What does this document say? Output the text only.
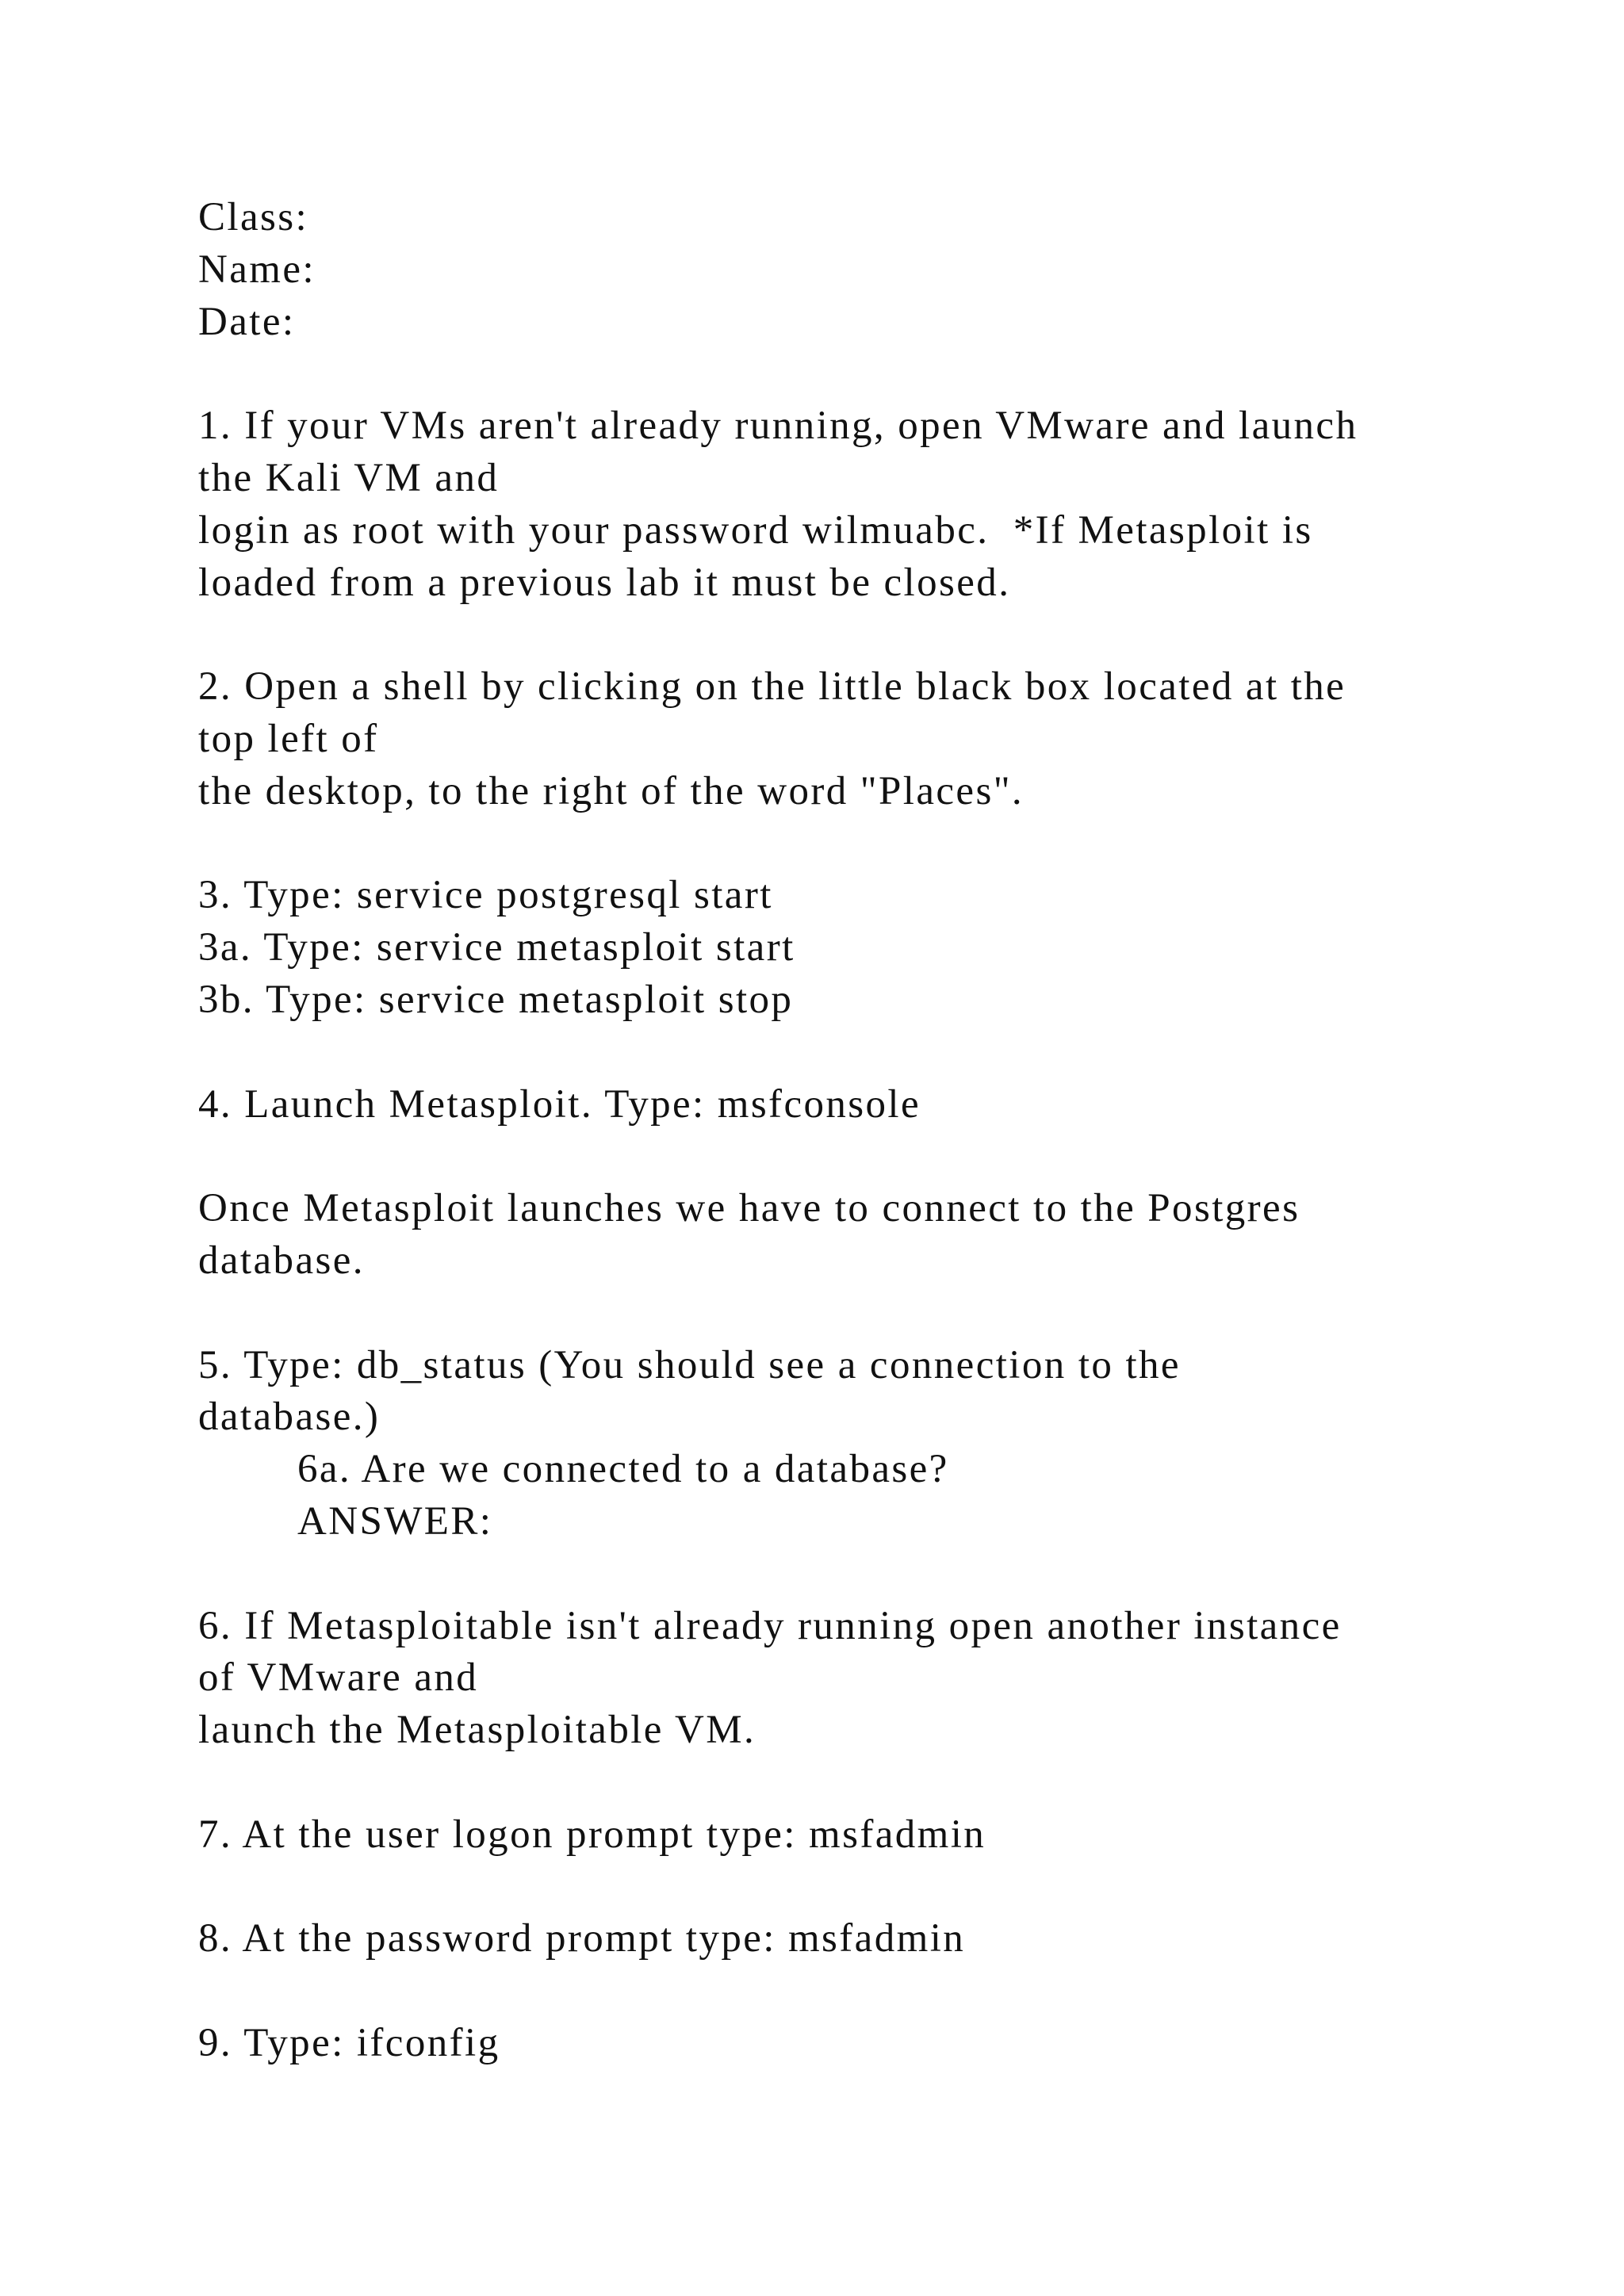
Class:
Name:
Date:
1. If your VMs aren't already running, open VMware and launch
the Kali VM and
login as root with your password wilmuabc.  *If Metasploit is
loaded from a previous lab it must be closed.
2. Open a shell by clicking on the little black box located at the
top left of
the desktop, to the right of the word "Places".
3. Type: service postgresql start
3a. Type: service metasploit start
3b. Type: service metasploit stop
4. Launch Metasploit. Type: msfconsole
Once Metasploit launches we have to connect to the Postgres
database.
5. Type: db_status (You should see a connection to the
database.)
6a. Are we connected to a database?
ANSWER:
6. If Metasploitable isn't already running open another instance
of VMware and
launch the Metasploitable VM.
7. At the user logon prompt type: msfadmin
8. At the password prompt type: msfadmin
9. Type: ifconfig
